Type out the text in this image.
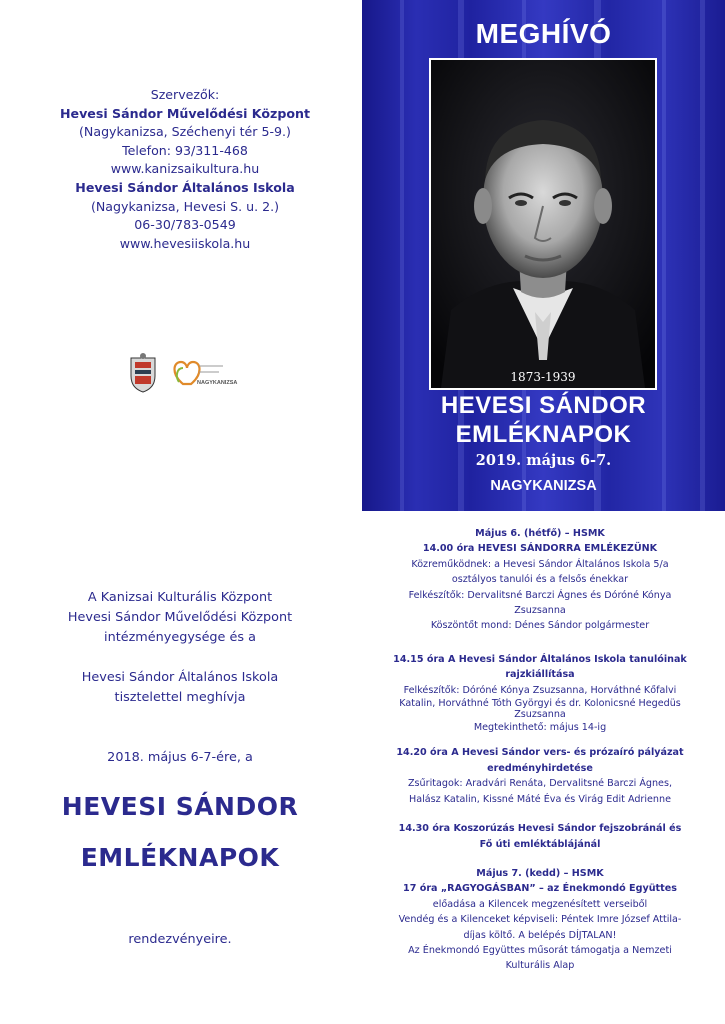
Szervezők:
Hevesi Sándor Művelődési Központ
(Nagykanizsa, Széchenyi tér 5-9.)
Telefon: 93/311-468
www.kanizsaikultura.hu
Hevesi Sándor Általános Iskola
(Nagykanizsa, Hevesi S. u. 2.)
06-30/783-0549
www.hevesiiskola.hu
NAGYKANIZSA
MEGHÍVÓ
1873-1939
HEVESI SÁNDOR
EMLÉKNAPOK
2019. május 6-7.
NAGYKANIZSA
A Kanizsai Kulturális Központ
Hevesi Sándor Művelődési Központ
intézményegysége és a
Hevesi Sándor Általános Iskola
tisztelettel meghívja
2018. május 6-7-ére, a
HEVESI SÁNDOR
EMLÉKNAPOK
rendezvényeire.
Május 6. (hétfő) – HSMK
14.00 óra HEVESI SÁNDORRA EMLÉKEZÜNK
Közreműködnek: a Hevesi Sándor Általános Iskola 5/a
osztályos tanulói és a felsős énekkar
Felkészítők: Dervalitsné Barczi Ágnes és Dóróné Kónya
Zsuzsanna
Köszöntőt mond: Dénes Sándor polgármester
14.15 óra A Hevesi Sándor Általános Iskola tanulóinak
rajzkiállítása
Felkészítők: Dóróné Kónya Zsuzsanna, Horváthné Kőfalvi
Katalin, Horváthné Tóth Györgyi és dr. Kolonicsné Hegedüs
Zsuzsanna
Megtekinthető: május 14-ig
14.20 óra A Hevesi Sándor vers- és prózaíró pályázat
eredményhirdetése
Zsűritagok: Aradvári Renáta, Dervalitsné Barczi Ágnes,
Halász Katalin, Kissné Máté Éva és Virág Edit Adrienne
14.30 óra Koszorúzás Hevesi Sándor fejszobránál és
Fő úti emléktáblájánál
Május 7. (kedd) – HSMK
17 óra „RAGYOGÁSBAN” – az Énekmondó Együttes
előadása a Kilencek megzenésített verseiből
Vendég és a Kilenceket képviseli: Péntek Imre József Attila-
díjas költő. A belépés DÍJTALAN!
Az Énekmondó Együttes műsorát támogatja a Nemzeti
Kulturális Alap
